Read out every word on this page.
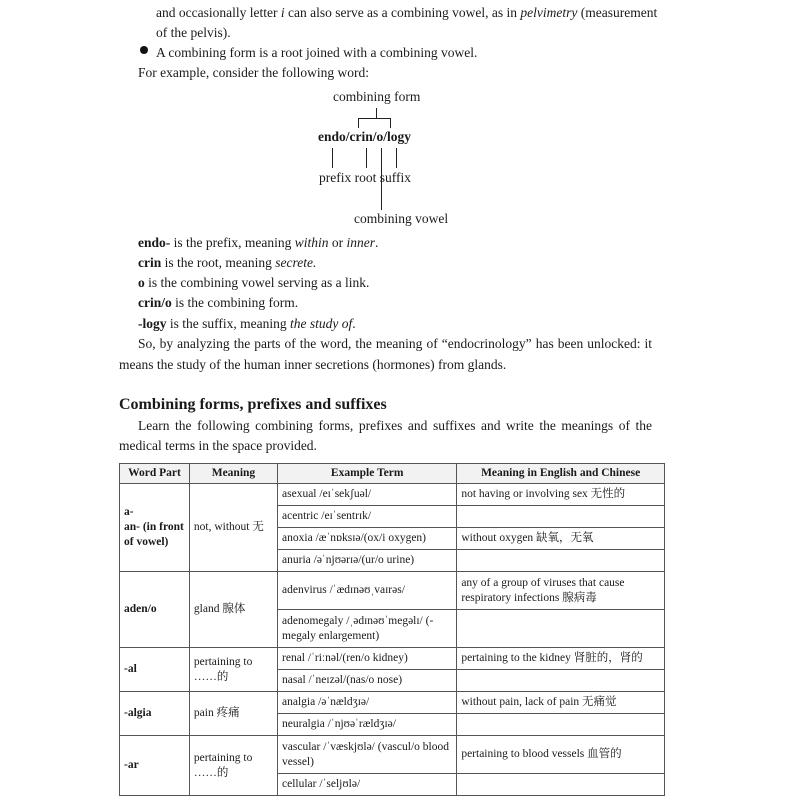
and occasionally letter i can also serve as a combining vowel, as in pelvimetry (measurement
of the pelvis).
A combining form is a root joined with a combining vowel.
For example, consider the following word:
combining form
endo/crin/o/logy
prefix root suffix
combining vowel
endo- is the prefix, meaning within or inner.
crin is the root, meaning secrete.
o is the combining vowel serving as a link.
crin/o is the combining form.
-logy is the suffix, meaning the study of.
So, by analyzing the parts of the word, the meaning of “endocrinology” has been unlocked: it
means the study of the human inner secretions (hormones) from glands.
Combining forms, prefixes and suffixes
Learn the following combining forms, prefixes and suffixes and write the meanings of the
medical terms in the space provided.
Word Part	Meaning	Example Term	Meaning in English and Chinese
a-
an- (in front of vowel)	not, without 无	asexual /eɪˈsekʃuəl/	not having or involving sex 无性的
		acentric /eɪˈsentrɪk/	
		anoxia /æˈnɒksɪə/(ox/i oxygen)	without oxygen 缺氧，无氧
		anuria /əˈnjʊərɪə/(ur/o urine)	
aden/o	gland 腺体	adenvirus /ˈædɪnəʊˌvaɪrəs/	any of a group of viruses that cause respiratory infections 腺病毒
		adenomegaly /ˌədɪnəʊˈmegəlɪ/ (-megaly enlargement)	
-al	pertaining to ……的	renal /ˈriːnəl/(ren/o kidney)	pertaining to the kidney 肾脏的，肾的
		nasal /ˈneɪzəl/(nas/o nose)	
-algia	pain 疼痛	analgia /əˈnældʒɪə/	without pain, lack of pain 无痛觉
		neuralgia /ˈnjʊəˈrældʒɪə/	
-ar	pertaining to ……的	vascular /ˈvæskjʊlə/ (vascul/o blood vessel)	pertaining to blood vessels 血管的
		cellular /ˈseljʊlə/	
